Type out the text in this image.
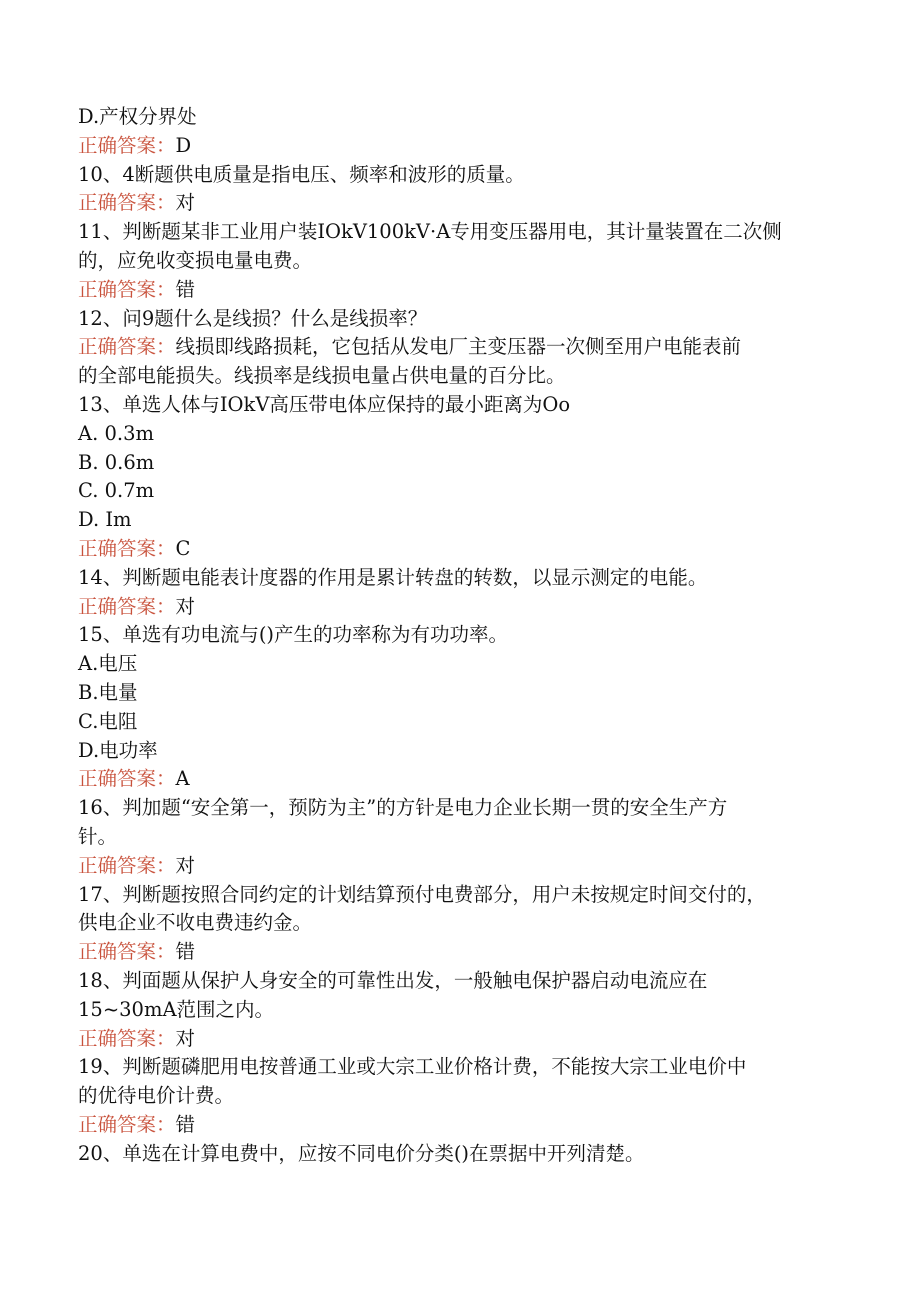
D.产权分界处
正确答案：D
10、4断题供电质量是指电压、频率和波形的质量。
正确答案：对
11、判断题某非工业用户装IOkV100kV·A专用变压器用电，其计量装置在二次侧
的，应免收变损电量电费。
正确答案：错
12、问9题什么是线损？什么是线损率？
正确答案：线损即线路损耗，它包括从发电厂主变压器一次侧至用户电能表前
的全部电能损失。线损率是线损电量占供电量的百分比。
13、单选人体与IOkV高压带电体应保持的最小距离为Oo
A. 0.3m
B. 0.6m
C. 0.7m
D. Im
正确答案：C
14、判断题电能表计度器的作用是累计转盘的转数，以显示测定的电能。
正确答案：对
15、单选有功电流与()产生的功率称为有功功率。
A.电压
B.电量
C.电阻
D.电功率
正确答案：A
16、判加题“安全第一，预防为主”的方针是电力企业长期一贯的安全生产方
针。
正确答案：对
17、判断题按照合同约定的计划结算预付电费部分，用户未按规定时间交付的，
供电企业不收电费违约金。
正确答案：错
18、判面题从保护人身安全的可靠性出发，一般触电保护器启动电流应在
15~30mA范围之内。
正确答案：对
19、判断题磷肥用电按普通工业或大宗工业价格计费，不能按大宗工业电价中
的优待电价计费。
正确答案：错
20、单选在计算电费中，应按不同电价分类()在票据中开列清楚。
